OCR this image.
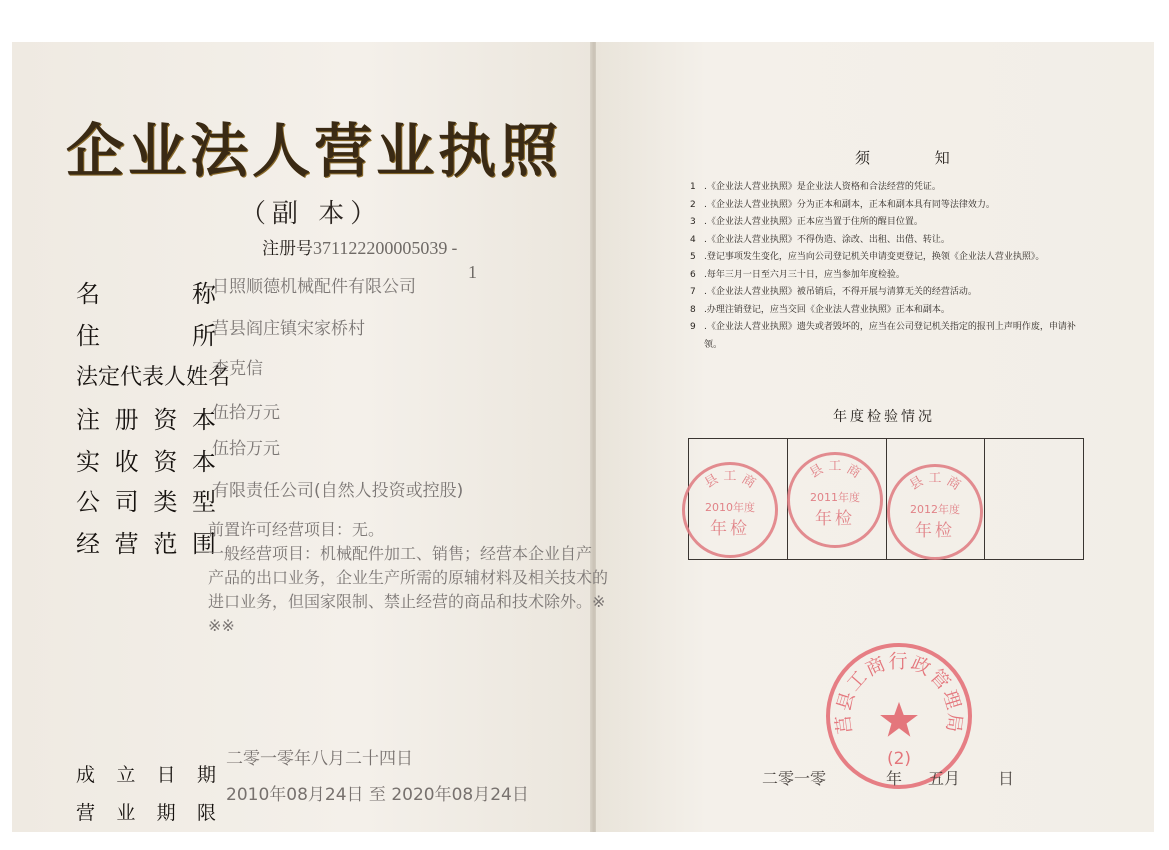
企业法人营业执照
（副 本）
注册号371122200005039 -
1
名	称
日照顺德机械配件有限公司
住	所
莒县阎庄镇宋家桥村
法定代表人姓名
李克信
注 册 资 本
伍拾万元
实 收 资 本
伍拾万元
公 司 类 型
有限责任公司(自然人投资或控股)
经 营 范 围

前置许可经营项目：无。

一般经营项目：机械配件加工、销售；经营本企业自产

产品的出口业务，企业生产所需的原辅材料及相关技术的

进口业务，但国家限制、禁止经营的商品和技术除外。※

※※

成 立 日 期
二零一零年八月二十四日
营 业 期 限
2010年08月24日 至 2020年08月24日
须 知
1 .《企业法人营业执照》是企业法人资格和合法经营的凭证。
2 .《企业法人营业执照》分为正本和副本，正本和副本具有同等法律效力。
3 .《企业法人营业执照》正本应当置于住所的醒目位置。
4 .《企业法人营业执照》不得伪造、涂改、出租、出借、转让。
5 .登记事项发生变化，应当向公司登记机关申请变更登记，换领《企业法人营业执照》。
6 .每年三月一日至六月三十日，应当参加年度检验。
7 .《企业法人营业执照》被吊销后，不得开展与清算无关的经营活动。
8 .办理注销登记，应当交回《企业法人营业执照》正本和副本。
9 .《企业法人营业执照》遗失或者毁坏的，应当在公司登记机关指定的报刊上声明作废，申请补领。
年度检验情况
县 工 商
2010年度
年检
县 工 商
2011年度
年检
县 工 商
2012年度
年检
莒县工商行政管理局
(2)
二零一零	年 五月 日
